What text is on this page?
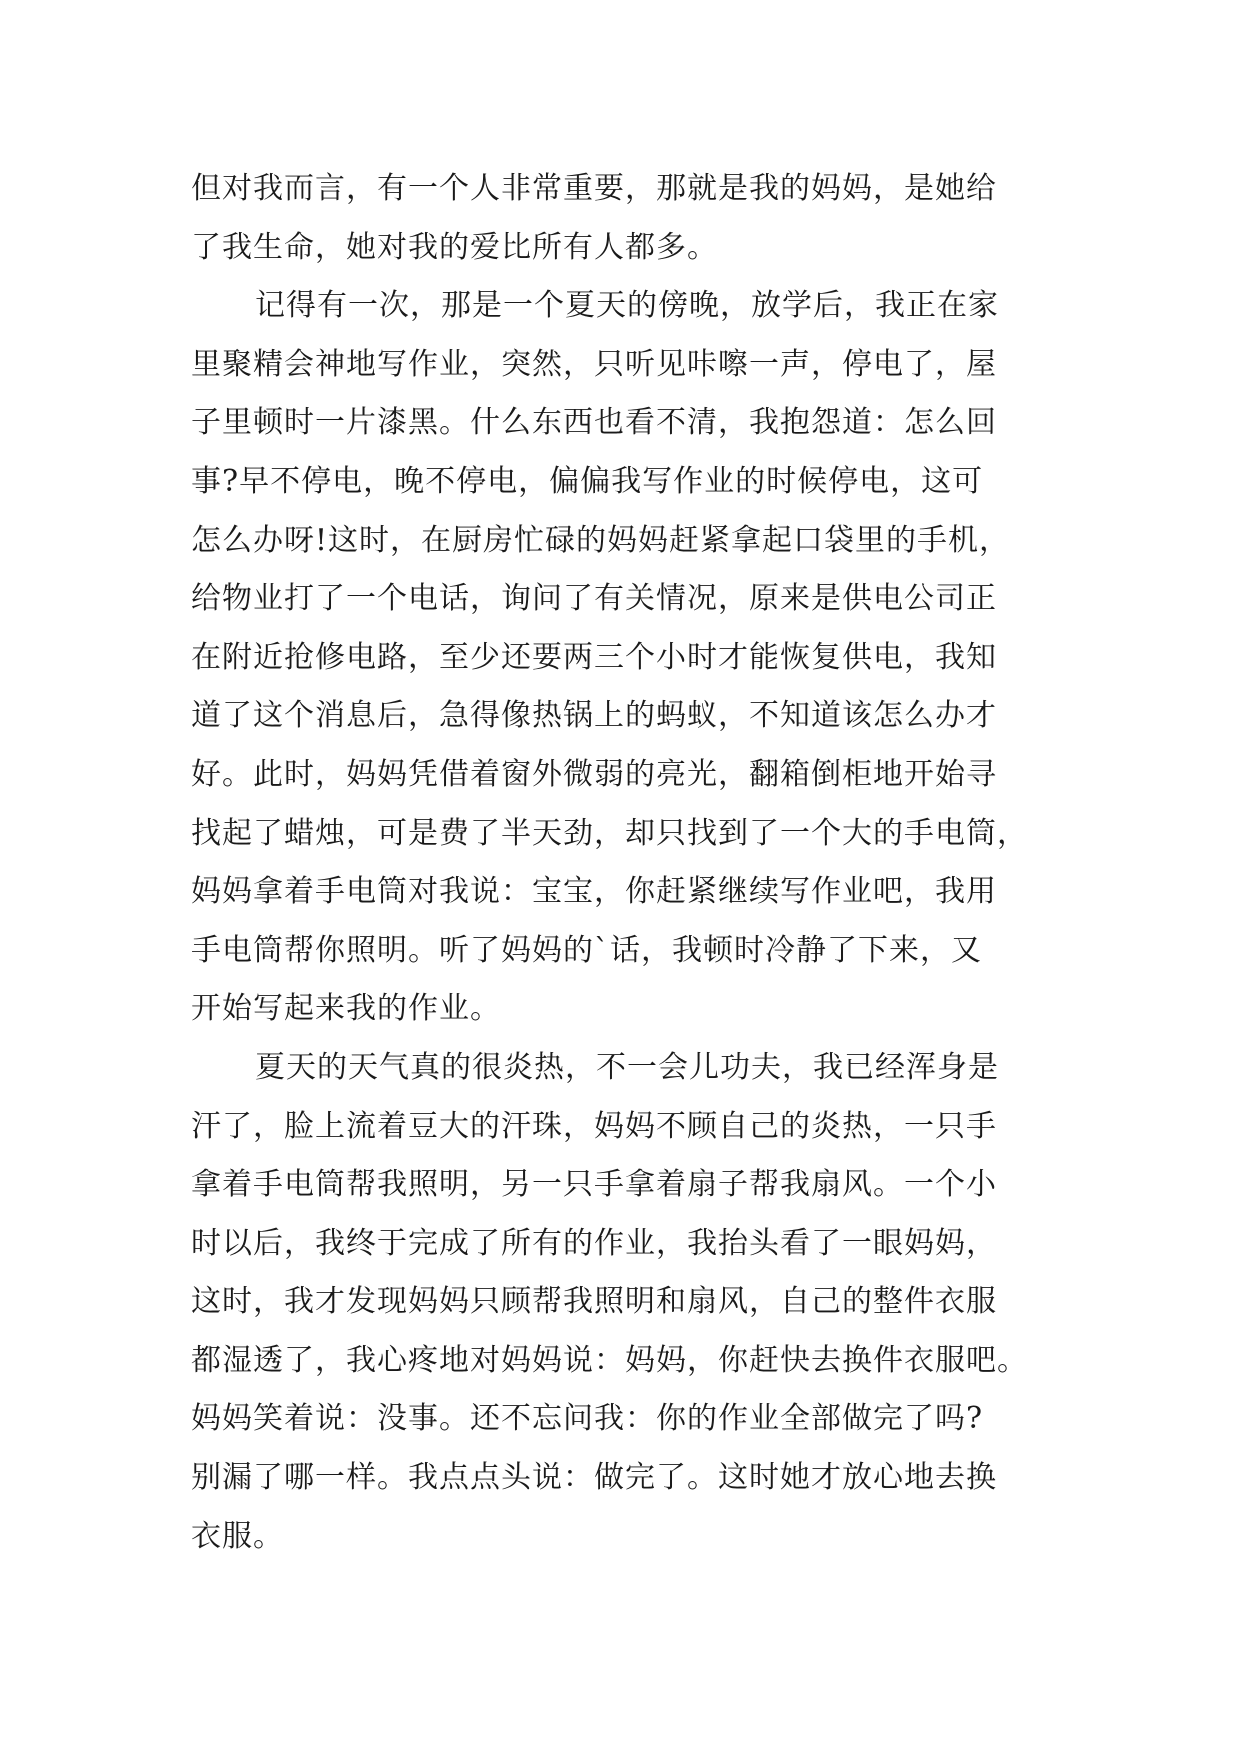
但对我而言，有一个人非常重要，那就是我的妈妈，是她给
了我生命，她对我的爱比所有人都多。
记得有一次，那是一个夏天的傍晚，放学后，我正在家
里聚精会神地写作业，突然，只听见咔嚓一声，停电了，屋
子里顿时一片漆黑。什么东西也看不清，我抱怨道：怎么回
事?早不停电，晚不停电，偏偏我写作业的时候停电，这可
怎么办呀!这时，在厨房忙碌的妈妈赶紧拿起口袋里的手机，
给物业打了一个电话，询问了有关情况，原来是供电公司正
在附近抢修电路，至少还要两三个小时才能恢复供电，我知
道了这个消息后，急得像热锅上的蚂蚁，不知道该怎么办才
好。此时，妈妈凭借着窗外微弱的亮光，翻箱倒柜地开始寻
找起了蜡烛，可是费了半天劲，却只找到了一个大的手电筒，
妈妈拿着手电筒对我说：宝宝，你赶紧继续写作业吧，我用
手电筒帮你照明。听了妈妈的`话，我顿时冷静了下来，又
开始写起来我的作业。
夏天的天气真的很炎热，不一会儿功夫，我已经浑身是
汗了，脸上流着豆大的汗珠，妈妈不顾自己的炎热，一只手
拿着手电筒帮我照明，另一只手拿着扇子帮我扇风。一个小
时以后，我终于完成了所有的作业，我抬头看了一眼妈妈，
这时，我才发现妈妈只顾帮我照明和扇风，自己的整件衣服
都湿透了，我心疼地对妈妈说：妈妈，你赶快去换件衣服吧。
妈妈笑着说：没事。还不忘问我：你的作业全部做完了吗?
别漏了哪一样。我点点头说：做完了。这时她才放心地去换
衣服。
